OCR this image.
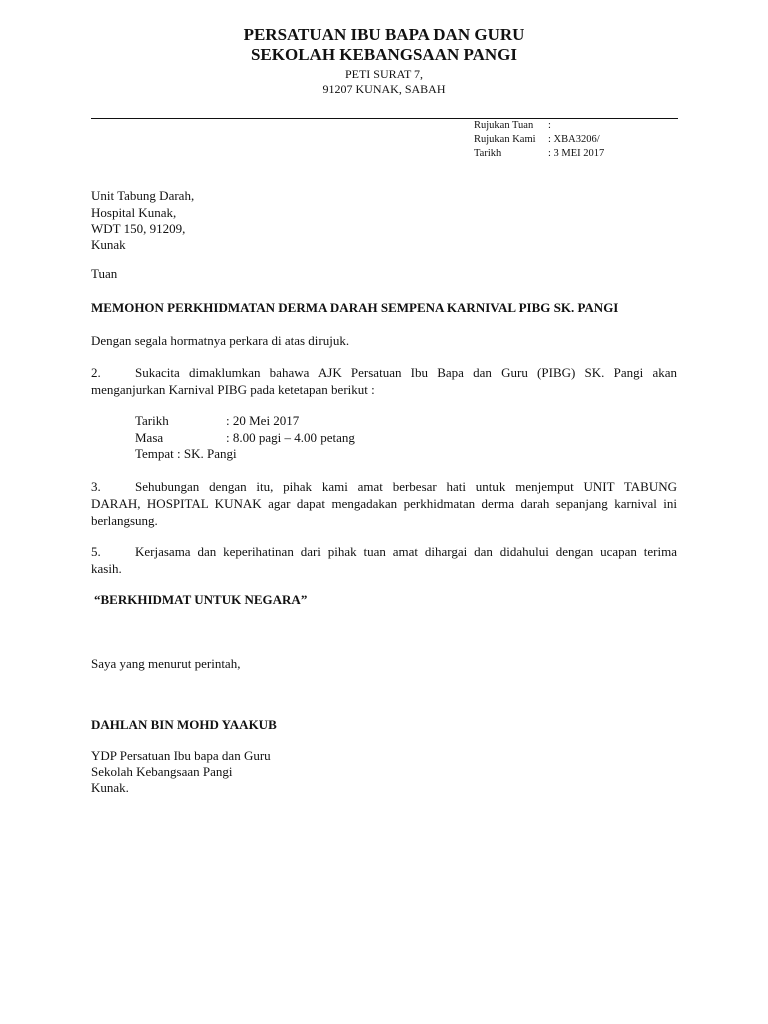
PERSATUAN IBU BAPA DAN GURU
SEKOLAH KEBANGSAAN PANGI
PETI SURAT 7,
91207 KUNAK, SABAH
Rujukan Tuan :
Rujukan Kami : XBA3206/
Tarikh	: 3 MEI 2017
Unit Tabung Darah,
Hospital Kunak,
WDT 150, 91209,
Kunak
Tuan
MEMOHON PERKHIDMATAN DERMA DARAH SEMPENA KARNIVAL PIBG SK. PANGI
Dengan segala hormatnya perkara di atas dirujuk.
2.	Sukacita dimaklumkan bahawa AJK Persatuan Ibu Bapa dan Guru (PIBG) SK. Pangi akan
menganjurkan Karnival PIBG pada ketetapan berikut :
Tarikh	: 20 Mei 2017
Masa	: 8.00 pagi – 4.00 petang
Tempat : SK. Pangi
3.	Sehubungan dengan itu, pihak kami amat berbesar hati untuk menjemput UNIT TABUNG
DARAH, HOSPITAL KUNAK agar dapat mengadakan perkhidmatan derma darah sepanjang karnival ini
berlangsung.
5.	Kerjasama dan keperihatinan dari pihak tuan amat dihargai dan didahului dengan ucapan terima
kasih.
“BERKHIDMAT UNTUK NEGARA”
Saya yang menurut perintah,
DAHLAN BIN MOHD YAAKUB
YDP Persatuan Ibu bapa dan Guru
Sekolah Kebangsaan Pangi
Kunak.
